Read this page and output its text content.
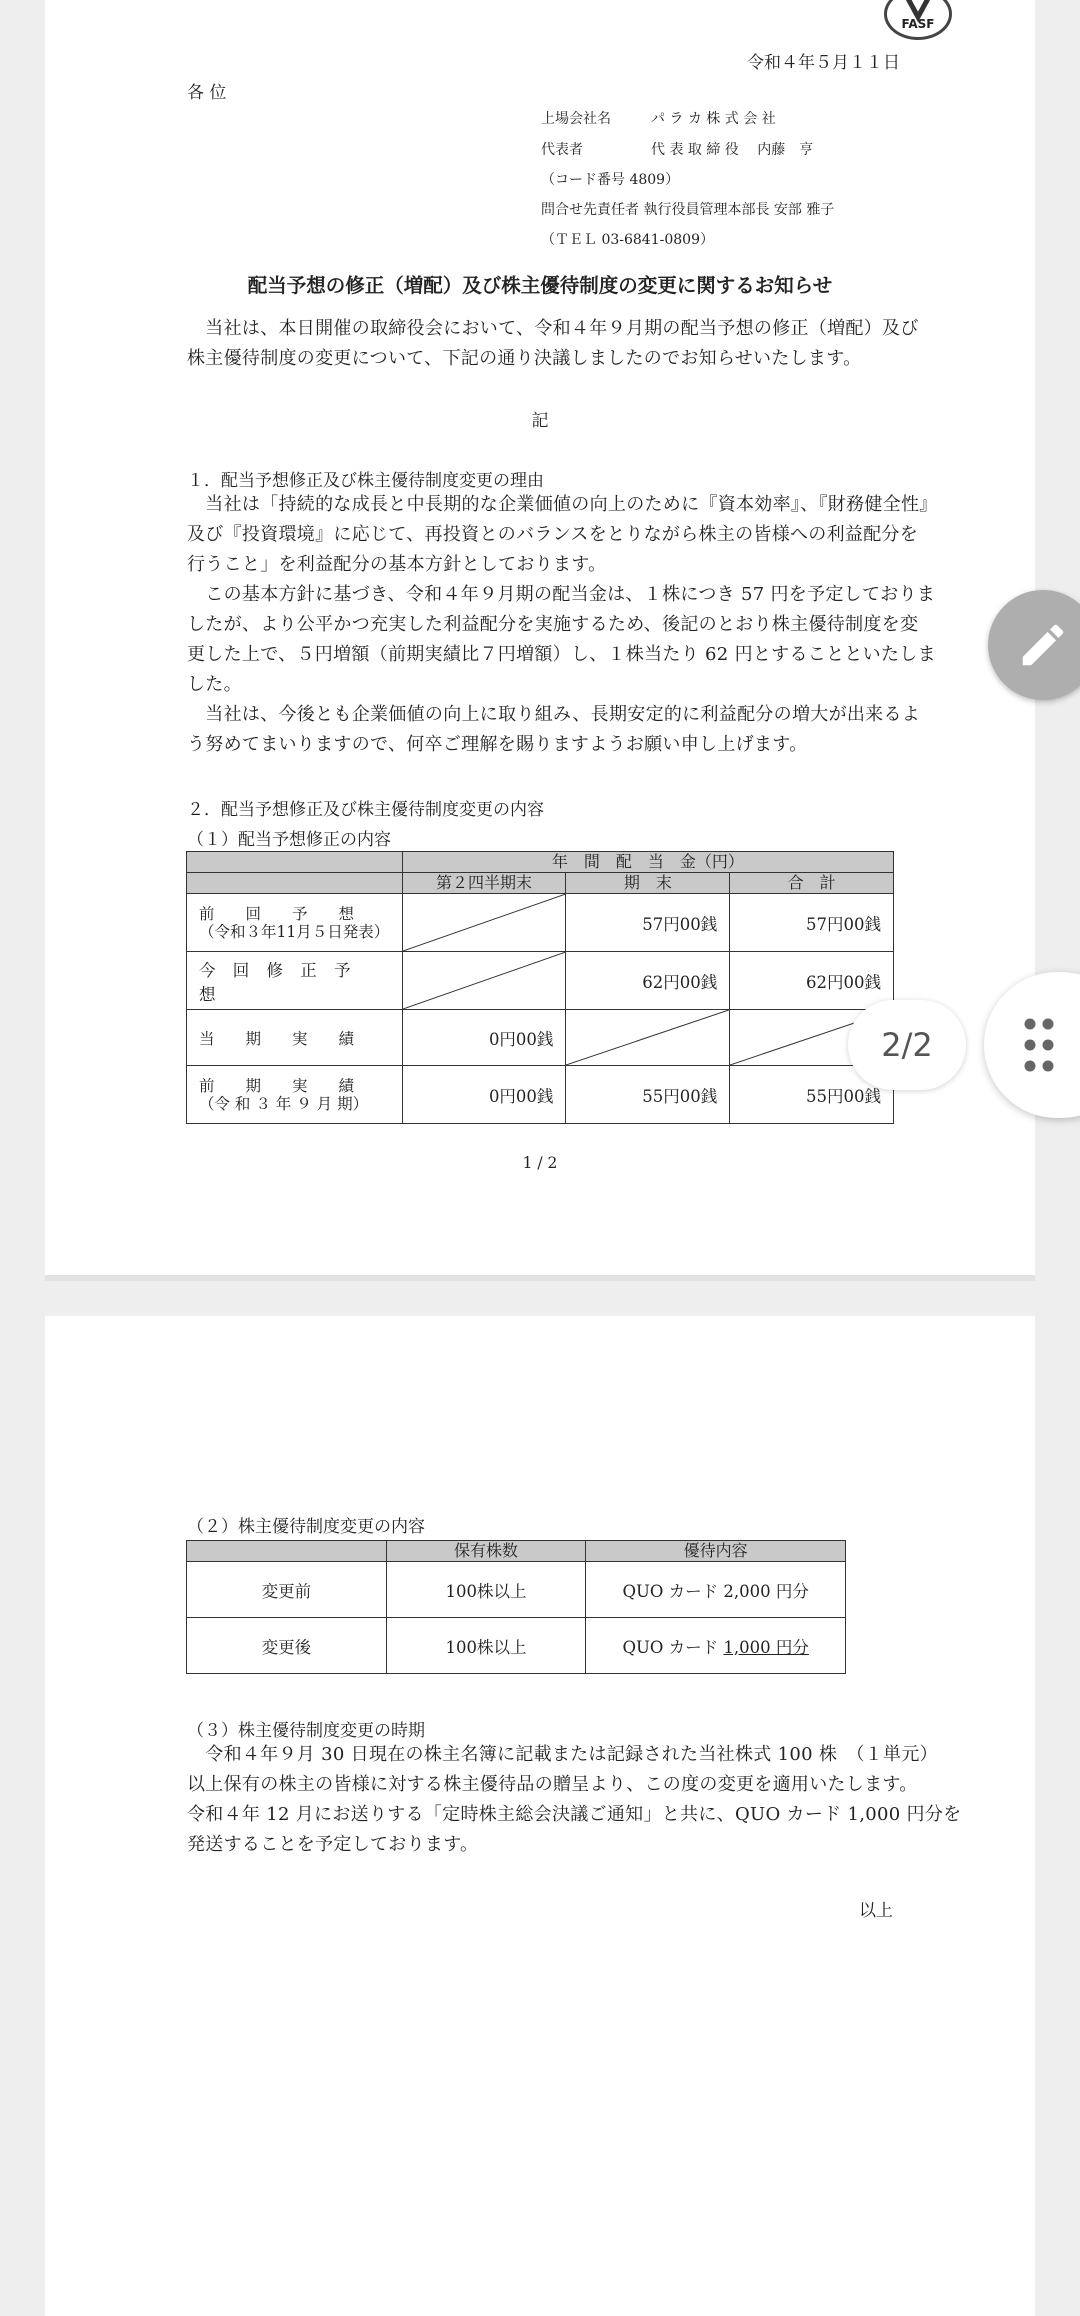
FASF
令和４年５月１１日
各 位
上場会社名	パ ラ カ 株 式 会 社
代表者	代 表 取 締 役　 内藤　亨
（コード番号 4809）
問合せ先責任者 執行役員管理本部長 安部 雅子
（ＴＥＬ 03-6841-0809）
配当予想の修正（増配）及び株主優待制度の変更に関するお知らせ
　当社は、本日開催の取締役会において、令和４年９月期の配当予想の修正（増配）及び
株主優待制度の変更について、下記の通り決議しましたのでお知らせいたします。
記
１．配当予想修正及び株主優待制度変更の理由
　当社は「持続的な成長と中長期的な企業価値の向上のために『資本効率』、『財務健全性』
及び『投資環境』に応じて、再投資とのバランスをとりながら株主の皆様への利益配分を
行うこと」を利益配分の基本方針としております。
　この基本方針に基づき、令和４年９月期の配当金は、１株につき 57 円を予定しておりま
したが、より公平かつ充実した利益配分を実施するため、後記のとおり株主優待制度を変
更した上で、５円増額（前期実績比７円増額）し、１株当たり 62 円とすることといたしま
した。
　当社は、今後とも企業価値の向上に取り組み、長期安定的に利益配分の増大が出来るよ
う努めてまいりますので、何卒ご理解を賜りますようお願い申し上げます。
２．配当予想修正及び株主優待制度変更の内容
（１）配当予想修正の内容
	年　間　配　当　金（円）		
	第２四半期末	期　末	合　計

前　　回　　予　　想
（令和３年11月５日発表）		57円00銭	57円00銭
今 回 修 正 予 想		62円00銭	62円00銭
当　　期　　実　　績	0円00銭	

前　　期　　実　　績
（令 和 ３ 年 ９ 月 期）	0円00銭	55円00銭	55円00銭
1 / 2
（２）株主優待制度変更の内容
	保有株数	優待内容
変更前	100株以上	QUO カード 2,000 円分
変更後	100株以上	QUO カード 1,000 円分
（３）株主優待制度変更の時期
　令和４年９月 30 日現在の株主名簿に記載または記録された当社株式 100 株　（１単元）
以上保有の株主の皆様に対する株主優待品の贈呈より、この度の変更を適用いたします。
令和４年 12 月にお送りする「定時株主総会決議ご通知」と共に、QUO カード 1,000 円分を
発送することを予定しております。
以上
2/2
